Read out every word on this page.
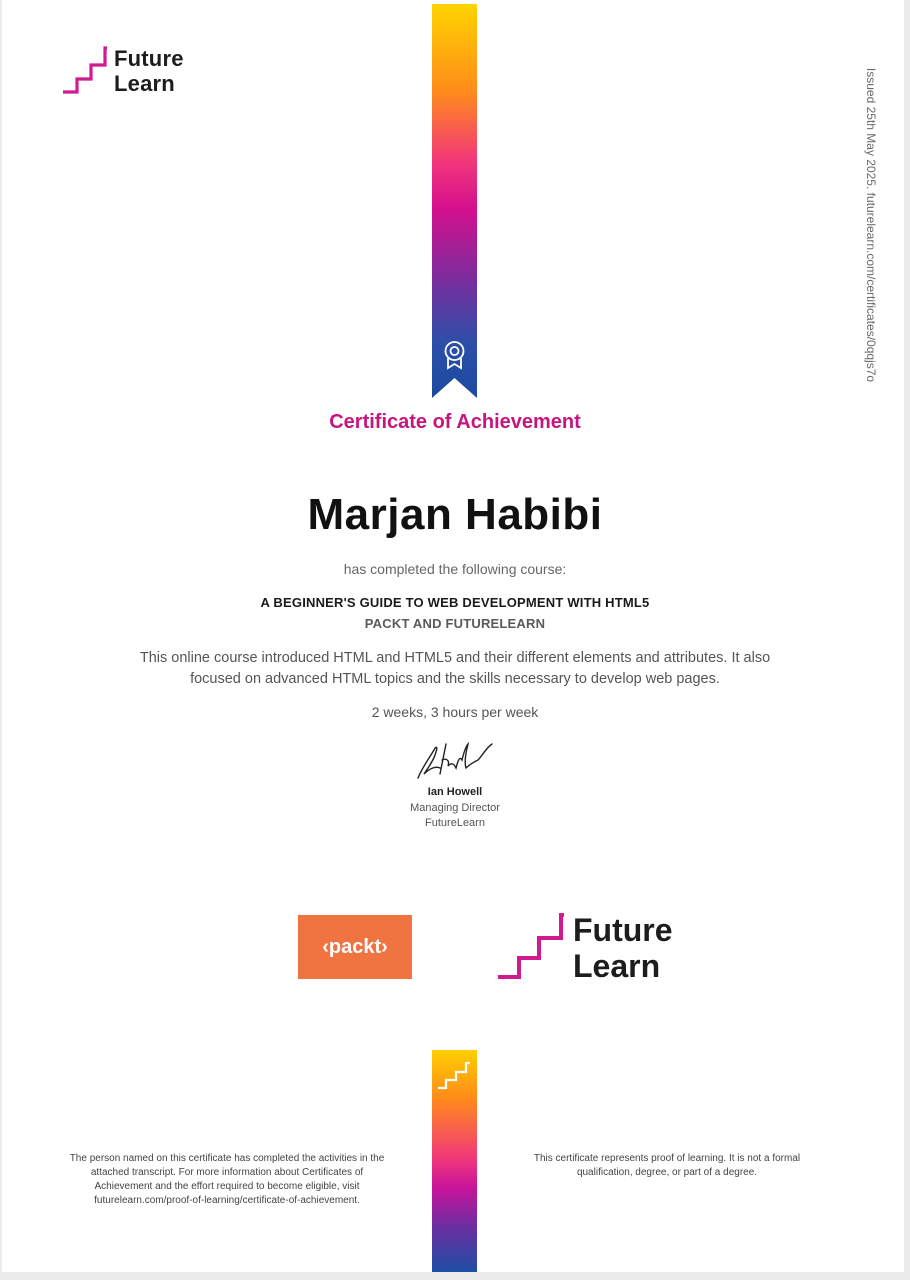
Future
Learn	Issued 25th May 2025. futurelearn.com/certificates/0qqjs7o
Certificate of Achievement
Marjan Habibi
has completed the following course:
A BEGINNER'S GUIDE TO WEB DEVELOPMENT WITH HTML5
PACKT AND FUTURELEARN
This online course introduced HTML and HTML5 and their different elements and attributes. It also
focused on advanced HTML topics and the skills necessary to develop web pages.
2 weeks, 3 hours per week
Ian Howell
Managing Director
FutureLearn
‹packt›	Future
Learn
The person named on this certificate has completed the activities in the
attached transcript. For more information about Certificates of
Achievement and the effort required to become eligible, visit
futurelearn.com/proof-of-learning/certificate-of-achievement.
This certificate represents proof of learning. It is not a formal
qualification, degree, or part of a degree.
